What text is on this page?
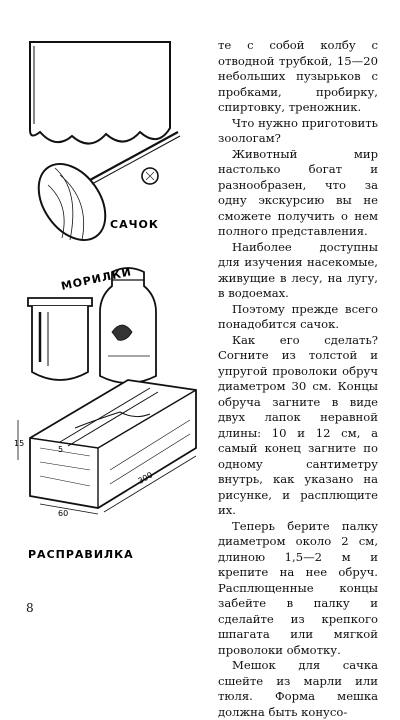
САЧОК
МОРИЛКИ
РАСПРАВИЛКА
15
5
60
300

те с собой колбу с отводной трубкой, 15—20 небольших пузырьков с пробками, пробирку, спиртовку, треножник.

Что нужно приготовить зоологам?

Животный мир настолько богат и разнообразен, что за одну экскурсию вы не сможете получить о нем полного представления.

Наиболее доступны для изучения насекомые, живущие в лесу, на лугу, в водоемах.

Поэтому прежде всего понадобится сачок.

Как его сделать? Согните из толстой и упругой проволоки обруч диаметром 30 см. Концы обруча загните в виде двух лапок неравной длины: 10 и 12 см, а самый конец загните по одному сантиметру внутрь, как указано на рисунке, и расплющите их.

Теперь берите палку диаметром около 2 см, длиною 1,5—2 м и крепите на нее обруч. Расплющенные концы забейте в палку и сделайте из крепкого шпагата или мягкой проволоки обмотку.

Мешок для сачка сшейте из марли или тюля. Форма мешка должна быть конусо-

8
